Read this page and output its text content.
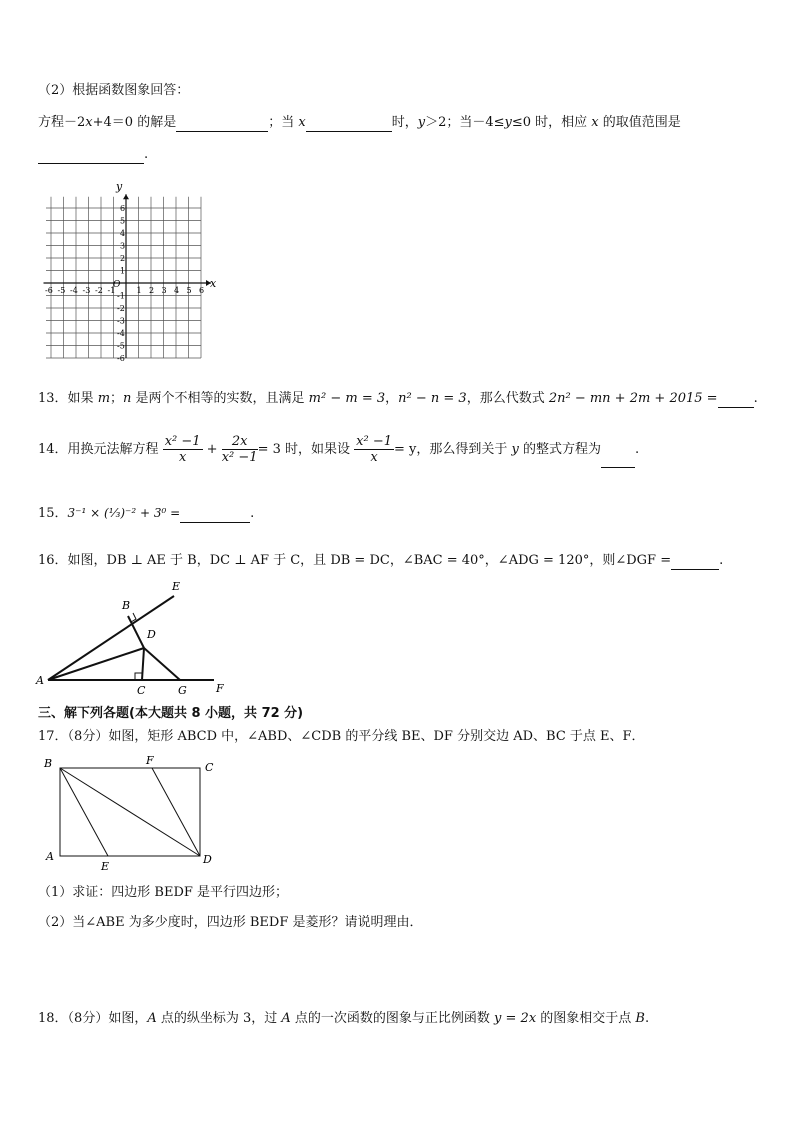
（2）根据函数图象回答：
方程－2x+4＝0 的解是	；当 x	时，y＞2；当－4≤y≤0 时，相应 x 的取值范围是
.
-6 -5 -4 -3 -2 -1	1 2 3 4 5 6
6
5
4
3
2
1
-1
-2
-3
-4
-5
-6
y
x
O
13．如果 m；n 是两个不相等的实数，且满足 m² − m = 3，n² − n = 3，那么代数式 2n² − mn + 2m + 2015 =	.
14．用换元法解方程 $\frac{\text{x² −1}}{x} + \frac{2x}{\text{x² −1}} = 3$ 时，如果设 $\frac{\text{x² −1}}{x} = y$，那么得到关于 y 的整式方程为	.
15．3⁻¹ × (⅓)⁻² + 3⁰ =	.
16．如图，DB ⊥ AE 于 B，DC ⊥ AF 于 C，且 DB = DC，∠BAC = 40°，∠ADG = 120°，则∠DGF =	.
A
B
C
D
E
F
G
三、解下列各题(本大题共 8 小题，共 72 分)
17．（8分）如图，矩形 ABCD 中，∠ABD、∠CDB 的平分线 BE、DF 分别交边 AD、BC 于点 E、F．
B	F
C
A
E
D
（1）求证：四边形 BEDF 是平行四边形；
（2）当∠ABE 为多少度时，四边形 BEDF 是菱形？请说明理由．
18．（8分）如图，A 点的纵坐标为 3，过 A 点的一次函数的图象与正比例函数 y = 2x 的图象相交于点 B.
